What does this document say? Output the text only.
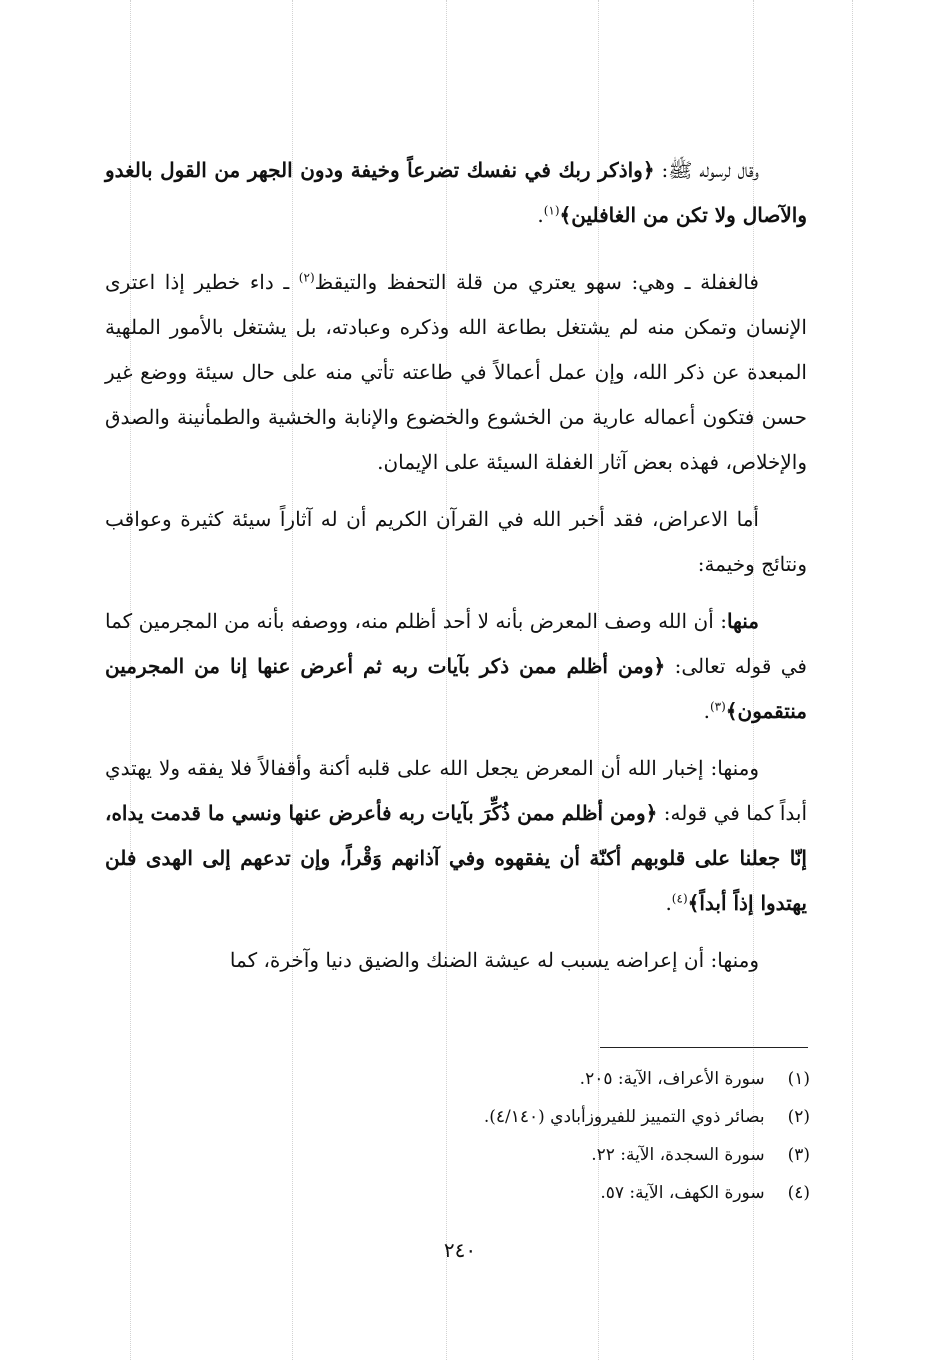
وقال لرسوله ﷺ: ﴿واذكر ربك في نفسك تضرعاً وخيفة ودون الجهر من القول بالغدو والآصال ولا تكن من الغافلين﴾$^{(١)}$.

فالغفلة ـ وهي: سهو يعتري من قلة التحفظ والتيقظ$^{(٢)}$ ـ داء خطير إذا اعترى الإنسان وتمكن منه لم يشتغل بطاعة الله وذكره وعبادته، بل يشتغل بالأمور الملهية المبعدة عن ذكر الله، وإن عمل أعمالاً في طاعته تأتي منه على حال سيئة ووضع غير حسن فتكون أعماله عارية من الخشوع والخضوع والإنابة والخشية والطمأنينة والصدق والإخلاص، فهذه بعض آثار الغفلة السيئة على الإيمان.

أما الاعراض، فقد أخبر الله في القرآن الكريم أن له آثاراً سيئة كثيرة وعواقب ونتائج وخيمة:

منها: أن الله وصف المعرض بأنه لا أحد أظلم منه، ووصفه بأنه من المجرمين كما في قوله تعالى: ﴿ومن أظلم ممن ذكر بآيات ربه ثم أعرض عنها إنا من المجرمين منتقمون﴾$^{(٣)}$.

ومنها: إخبار الله أن المعرض يجعل الله على قلبه أكنة وأقفالاً فلا يفقه ولا يهتدي أبداً كما في قوله: ﴿ومن أظلم ممن ذُكِّرَ بآيات ربه فأعرض عنها ونسي ما قدمت يداه، إنّا جعلنا على قلوبهم أكنّة أن يفقهوه وفي آذانهم وَقْراً، وإن تدعهم إلى الهدى فلن يهتدوا إذاً أبداً﴾$^{(٤)}$.

ومنها: أن إعراضه يسبب له عيشة الضنك والضيق دنيا وآخرة، كما

(١) سورة الأعراف، الآية: ٢٠٥.

(٢) بصائر ذوي التمييز للفيروزأبادي (٤/١٤٠).

(٣) سورة السجدة، الآية: ٢٢.

(٤) سورة الكهف، الآية: ٥٧.

٢٤٠
